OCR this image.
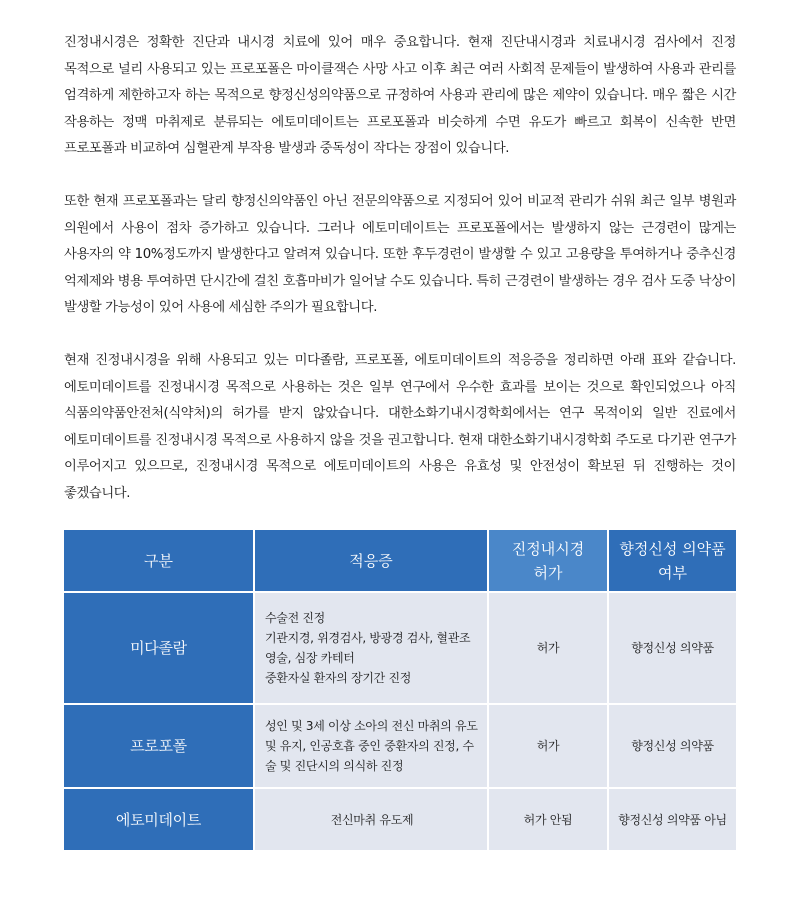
진정내시경은 정확한 진단과 내시경 치료에 있어 매우 중요합니다. 현재 진단내시경과 치료내시경 검사에서 진정 목적으로 널리 사용되고 있는 프로포폴은 마이클잭슨 사망 사고 이후 최근 여러 사회적 문제들이 발생하여 사용과 관리를 엄격하게 제한하고자 하는 목적으로 향정신성의약품으로 규정하여 사용과 관리에 많은 제약이 있습니다. 매우 짧은 시간 작용하는 정맥 마취제로 분류되는 에토미데이트는 프로포폴과 비슷하게 수면 유도가 빠르고 회복이 신속한 반면 프로포폴과 비교하여 심혈관계 부작용 발생과 중독성이 작다는 장점이 있습니다.

또한 현재 프로포폴과는 달리 향정신의약품인 아닌 전문의약품으로 지정되어 있어 비교적 관리가 쉬워 최근 일부 병원과 의원에서 사용이 점차 증가하고 있습니다. 그러나 에토미데이트는 프로포폴에서는 발생하지 않는 근경련이 많게는 사용자의 약 10%정도까지 발생한다고 알려져 있습니다. 또한 후두경련이 발생할 수 있고 고용량을 투여하거나 중추신경 억제제와 병용 투여하면 단시간에 걸친 호흡마비가 일어날 수도 있습니다. 특히 근경련이 발생하는 경우 검사 도중 낙상이 발생할 가능성이 있어 사용에 세심한 주의가 필요합니다.

현재 진정내시경을 위해 사용되고 있는 미다졸람, 프로포폴, 에토미데이트의 적응증을 정리하면 아래 표와 같습니다. 에토미데이트를 진정내시경 목적으로 사용하는 것은 일부 연구에서 우수한 효과를 보이는 것으로 확인되었으나 아직 식품의약품안전처(식약처)의 허가를 받지 않았습니다. 대한소화기내시경학회에서는 연구 목적이외 일반 진료에서 에토미데이트를 진정내시경 목적으로 사용하지 않을 것을 권고합니다. 현재 대한소화기내시경학회 주도로 다기관 연구가 이루어지고 있으므로, 진정내시경 목적으로 에토미데이트의 사용은 유효성 및 안전성이 확보된 뒤 진행하는 것이 좋겠습니다.

구분	적응증	진정내시경 허가	향정신성 의약품 여부

미다졸람	수술전 진정
기관지경, 위경검사, 방광경 검사, 혈관조영술, 심장 카테터
중환자실 환자의 장기간 진정	허가	향정신성 의약품
프로포폴	성인 및 3세 이상 소아의 전신 마취의 유도 및 유지, 인공호흡 중인 중환자의 진정, 수술 및 진단시의 의식하 진정	허가	향정신성 의약품
에토미데이트	전신마취 유도제	허가 안됨	향정신성 의약품 아님
